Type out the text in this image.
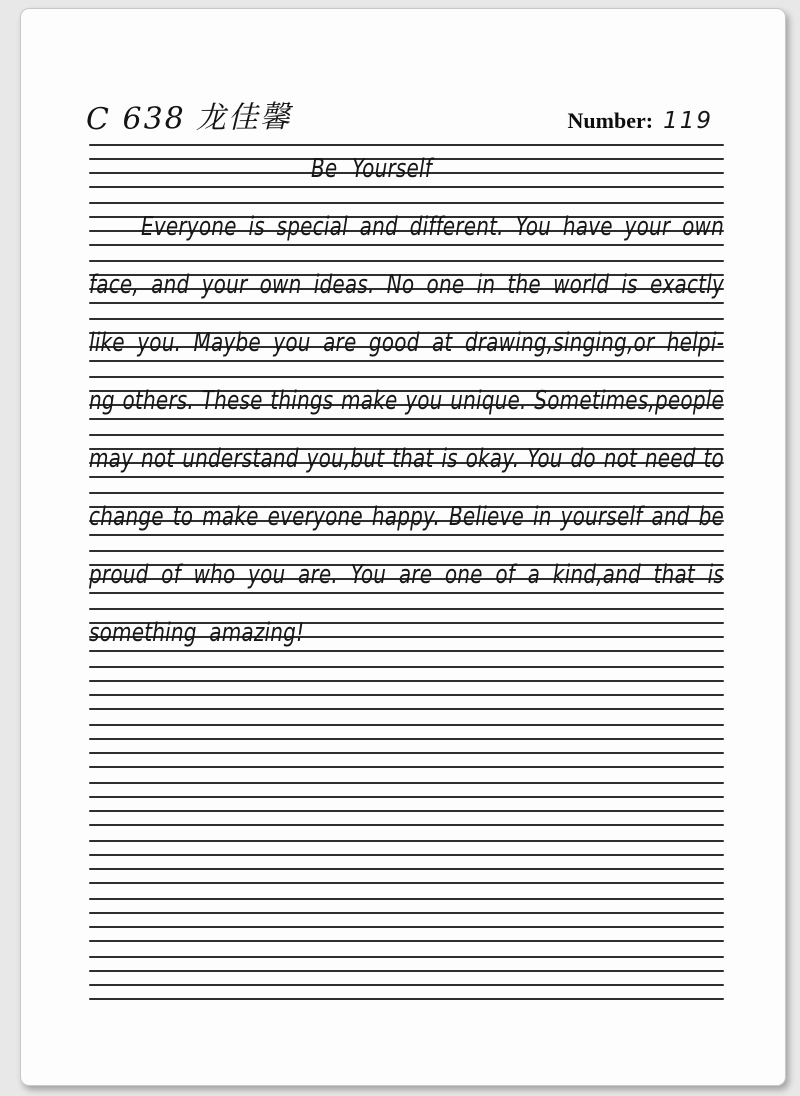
C 638 龙佳馨	Number: 119
Be Yourself
Everyone is special and different. You have your own
face, and your own ideas. No one in the world is exactly
like you. Maybe you are good at drawing,singing,or helpi-
ng others. These things make you unique. Sometimes,people
may not understand you,but that is okay. You do not need to
change to make everyone happy. Believe in yourself and be
proud of who you are. You are one of a kind,and that is
something amazing!
